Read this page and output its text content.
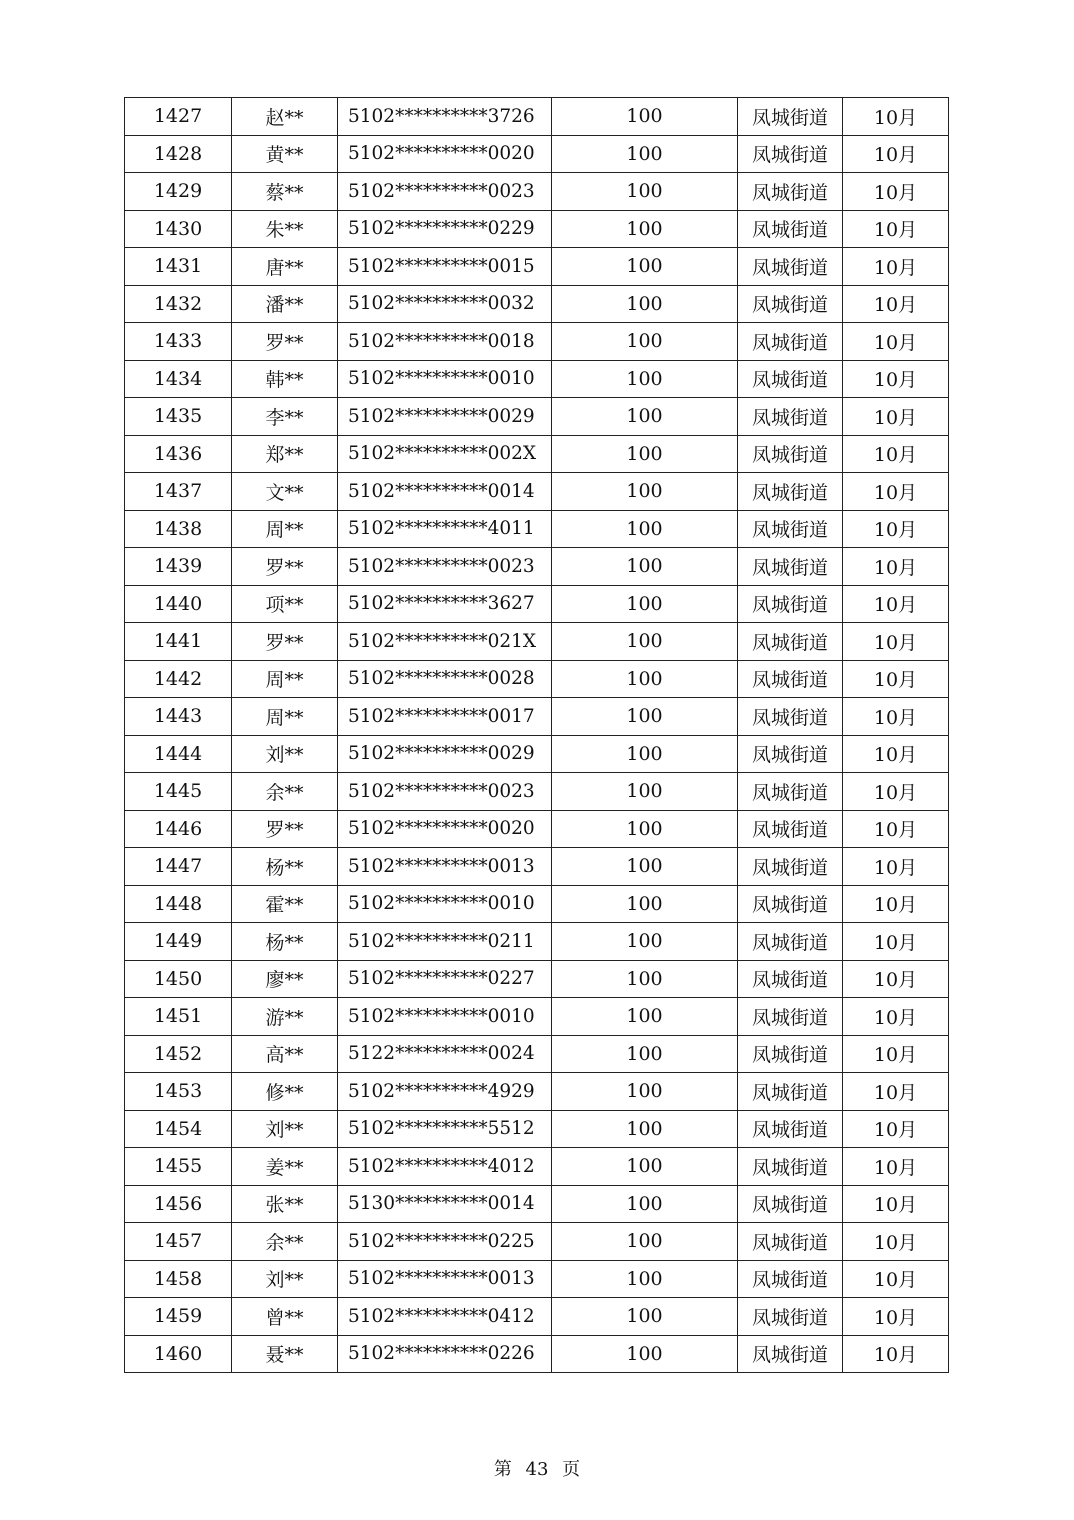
1427	赵**	5102**********3726	100	凤城街道	10月
1428	黄**	5102**********0020	100	凤城街道	10月
1429	蔡**	5102**********0023	100	凤城街道	10月
1430	朱**	5102**********0229	100	凤城街道	10月
1431	唐**	5102**********0015	100	凤城街道	10月
1432	潘**	5102**********0032	100	凤城街道	10月
1433	罗**	5102**********0018	100	凤城街道	10月
1434	韩**	5102**********0010	100	凤城街道	10月
1435	李**	5102**********0029	100	凤城街道	10月
1436	郑**	5102**********002X	100	凤城街道	10月
1437	文**	5102**********0014	100	凤城街道	10月
1438	周**	5102**********4011	100	凤城街道	10月
1439	罗**	5102**********0023	100	凤城街道	10月
1440	项**	5102**********3627	100	凤城街道	10月
1441	罗**	5102**********021X	100	凤城街道	10月
1442	周**	5102**********0028	100	凤城街道	10月
1443	周**	5102**********0017	100	凤城街道	10月
1444	刘**	5102**********0029	100	凤城街道	10月
1445	余**	5102**********0023	100	凤城街道	10月
1446	罗**	5102**********0020	100	凤城街道	10月
1447	杨**	5102**********0013	100	凤城街道	10月
1448	霍**	5102**********0010	100	凤城街道	10月
1449	杨**	5102**********0211	100	凤城街道	10月
1450	廖**	5102**********0227	100	凤城街道	10月
1451	游**	5102**********0010	100	凤城街道	10月
1452	高**	5122**********0024	100	凤城街道	10月
1453	修**	5102**********4929	100	凤城街道	10月
1454	刘**	5102**********5512	100	凤城街道	10月
1455	姜**	5102**********4012	100	凤城街道	10月
1456	张**	5130**********0014	100	凤城街道	10月
1457	余**	5102**********0225	100	凤城街道	10月
1458	刘**	5102**********0013	100	凤城街道	10月
1459	曾**	5102**********0412	100	凤城街道	10月
1460	聂**	5102**********0226	100	凤城街道	10月
第 43 页
